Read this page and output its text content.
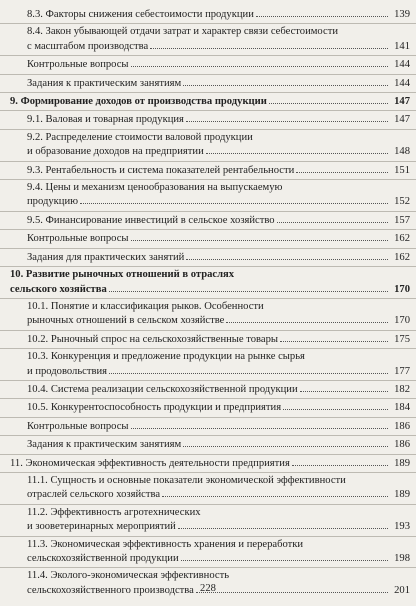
8.3. Факторы снижения себестоимости продукции	139
8.4. Закон убывающей отдачи затрат и характер связи себестоимости
с масштабом производства	141
Контрольные вопросы	144
Задания к практическим занятиям	144
9. Формирование доходов от производства продукции	147
9.1. Валовая и товарная продукция	147
9.2. Распределение стоимости валовой продукции
и образование доходов на предприятии	148
9.3. Рентабельность и система показателей рентабельности	151
9.4. Цены и механизм ценообразования на выпускаемую
продукцию	152
9.5. Финансирование инвестиций в сельское хозяйство	157
Контрольные вопросы	162
Задания для практических занятий	162
10. Развитие рыночных отношений в отраслях
сельского хозяйства	170
10.1. Понятие и классификация рыков. Особенности
рыночных отношений в сельском хозяйстве	170
10.2. Рыночный спрос на сельскохозяйственные товары	175
10.3. Конкуренция и предложение продукции на рынке сырья
и продовольствия	177
10.4. Система реализации сельскохозяйственной продукции	182
10.5. Конкурентоспособность продукции и предприятия	184
Контрольные вопросы	186
Задания к практическим занятиям	186
11. Экономическая эффективность деятельности предприятия	189
11.1. Сущность и основные показатели экономической эффективности
отраслей сельского хозяйства	189
11.2. Эффективность агротехнических
и зооветеринарных мероприятий	193
11.3. Экономическая эффективность хранения и переработки
сельскохозяйственной продукции	198
11.4. Эколого-экономическая эффективность
сельскохозяйственного производства	201
228
